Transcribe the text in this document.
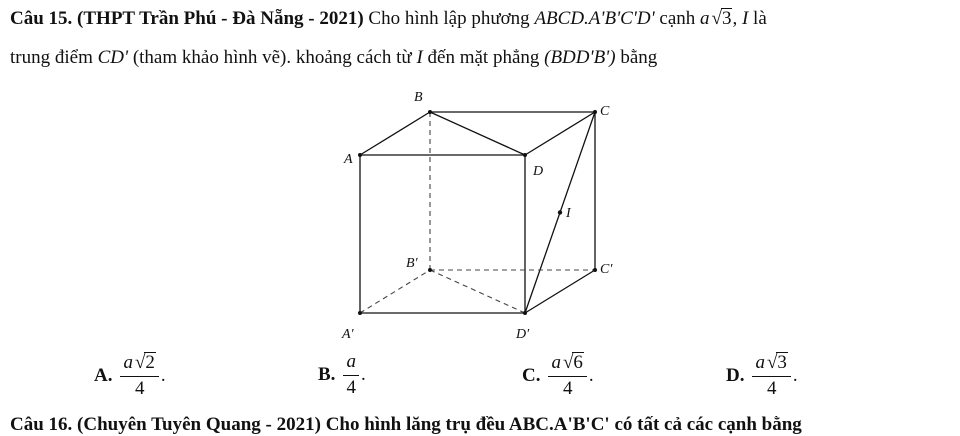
Câu 15. (THPT Trần Phú - Đà Nẵng - 2021) Cho hình lập phương ABCD.A'B'C'D' cạnh a √3, I là
trung điểm CD' (tham khảo hình vẽ). khoảng cách từ I đến mặt phẳng (BDD'B') bằng
B
C
A
D
I
B′	C′
A′	D′
A. $\frac{a √2}{4}$ .	B. $\frac{a}{4}$ .	C. $\frac{a √6}{4}$ .	D. $\frac{a √3}{4}$ .
Câu 16. (Chuyên Tuyên Quang - 2021) Cho hình lăng trụ đều ABC.A'B'C' có tất cả các cạnh bằng
